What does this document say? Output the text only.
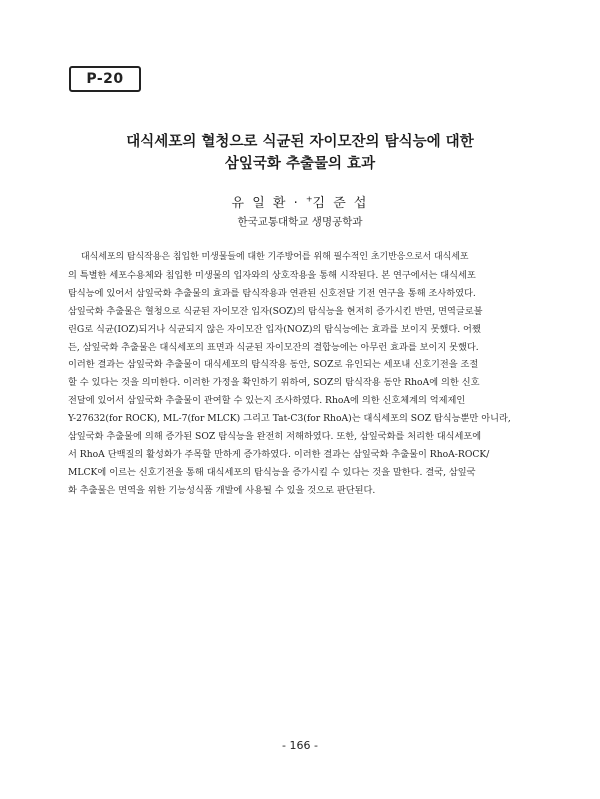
P-20
대식세포의 혈청으로 식균된 자이모잔의 탐식능에 대한
삼잎국화 추출물의 효과
유 일 환 · +김 준 섭
한국교통대학교 생명공학과
대식세포의 탐식작용은 침입한 미생물들에 대한 기주방어를 위해 필수적인 초기반응으로서 대식세포
의 특별한 세포수용체와 침입한 미생물의 입자와의 상호작용을 통해 시작된다. 본 연구에서는 대식세포
탐식능에 있어서 삼잎국화 추출물의 효과를 탐식작용과 연관된 신호전달 기전 연구을 통해 조사하였다.
삼잎국화 추출물은 혈청으로 식균된 자이모잔 입자(SOZ)의 탐식능을 현저히 증가시킨 반면, 면역글로불
린G로 식균(IOZ)되거나 식균되지 않은 자이모잔 입자(NOZ)의 탐식능에는 효과를 보이지 못했다. 어쨌
든, 삼잎국화 추출물은 대식세포의 표면과 식균된 자이모잔의 결합능에는 아무런 효과를 보이지 못했다.
이러한 결과는 삼잎국화 추출물이 대식세포의 탐식작용 동안, SOZ로 유인되는 세포내 신호기전을 조절
할 수 있다는 것을 의미한다. 이러한 가정을 확인하기 위하여, SOZ의 탐식작용 동안 RhoA에 의한 신호
전달에 있어서 삼잎국화 추출물이 관여할 수 있는지 조사하였다. RhoA에 의한 신호체계의 억제제인
Y-27632(for ROCK), ML-7(for MLCK) 그리고 Tat-C3(for RhoA)는 대식세포의 SOZ 탐식능뿐만 아니라,
삼잎국화 추출물에 의해 증가된 SOZ 탐식능을 완전히 저해하였다. 또한, 삼잎국화를 처리한 대식세포에
서 RhoA 단백질의 활성화가 주목할 만하게 증가하였다. 이러한 결과는 삼잎국화 추출물이 RhoA-ROCK/
MLCK에 이르는 신호기전을 통해 대식세포의 탐식능을 증가시킬 수 있다는 것을 말한다. 결국, 삼잎국
화 추출물은 면역을 위한 기능성식품 개발에 사용될 수 있을 것으로 판단된다.
- 166 -
